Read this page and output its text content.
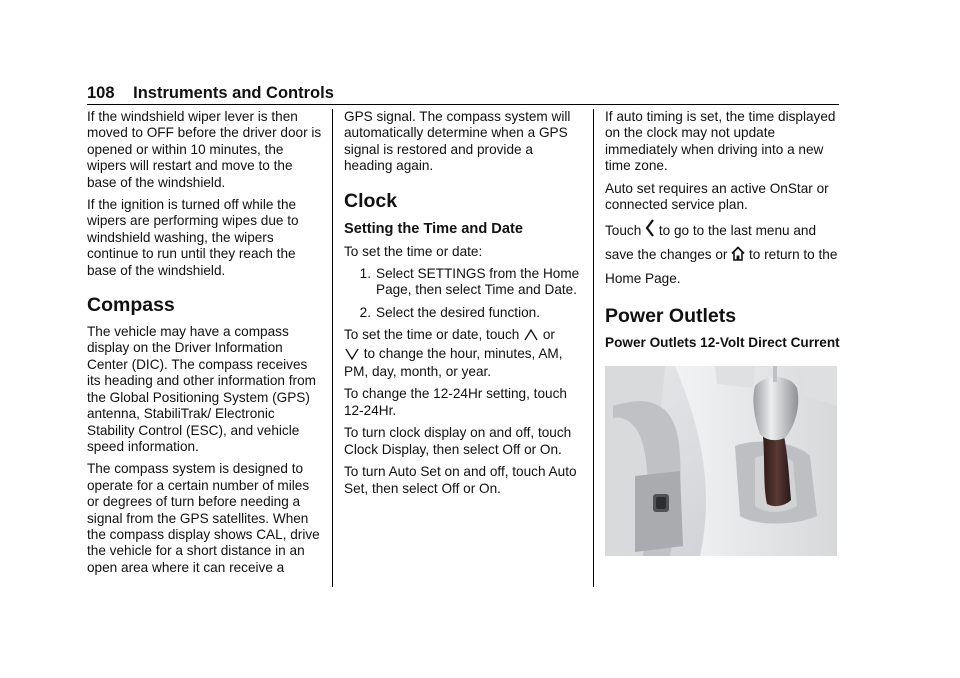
108 Instruments and Controls

If the windshield wiper lever is then moved to OFF before the driver door is opened or within 10 minutes, the wipers will restart and move to the base of the windshield.

If the ignition is turned off while the wipers are performing wipes due to windshield washing, the wipers continue to run until they reach the base of the windshield.

Compass

The vehicle may have a compass display on the Driver Information Center (DIC). The compass receives its heading and other information from the Global Positioning System (GPS) antenna, StabiliTrak/ Electronic Stability Control (ESC), and vehicle speed information.

The compass system is designed to operate for a certain number of miles or degrees of turn before needing a signal from the GPS satellites. When the compass display shows CAL, drive the vehicle for a short distance in an open area where it can receive a

GPS signal. The compass system will automatically determine when a GPS signal is restored and provide a heading again.

Clock
Setting the Time and Date

To set the time or date:

1. Select SETTINGS from the Home Page, then select Time and Date.
2. Select the desired function.

To set the time or date, touch or
to change the hour, minutes, AM, PM, day, month, or year.

To change the 12-24Hr setting, touch 12-24Hr.

To turn clock display on and off, touch Clock Display, then select Off or On.

To turn Auto Set on and off, touch Auto Set, then select Off or On.

If auto timing is set, the time displayed on the clock may not update immediately when driving into a new time zone.

Auto set requires an active OnStar or connected service plan.

Touch to go to the last menu and save the changes or to return to the Home Page.

Power Outlets
Power Outlets 12-Volt Direct Current
